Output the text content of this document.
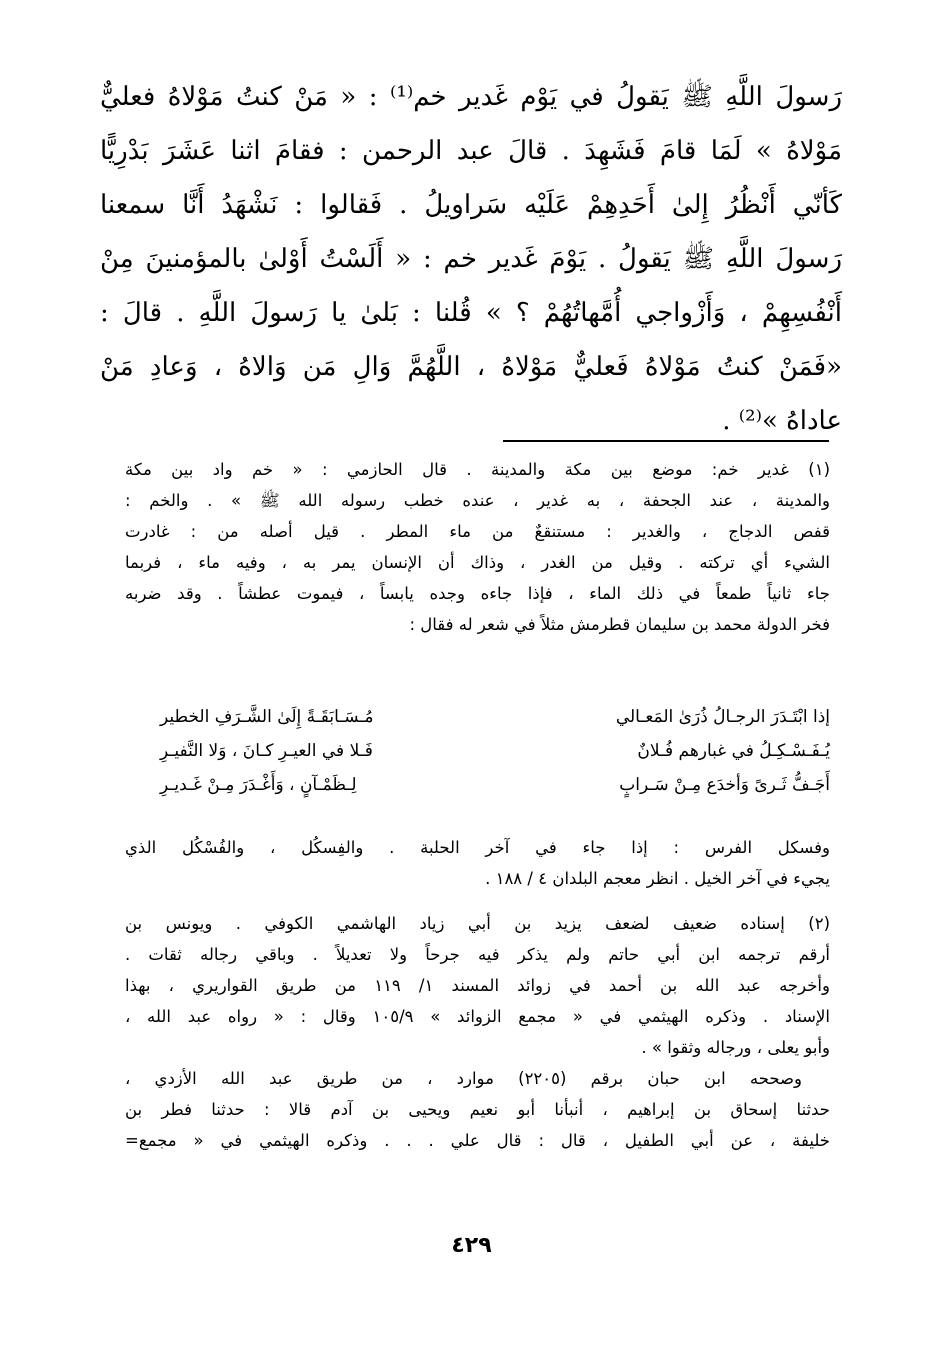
رَسولَ اللَّهِ ﷺ يَقولُ في يَوْم غَدير خم⁽¹⁾ : « مَنْ كنتُ مَوْلاهُ فعليٌّ
مَوْلاهُ » لَمَا قامَ فَشَهِدَ . قالَ عبد الرحمن : فقامَ اثنا عَشَرَ بَدْرِيًّا
كَأنّي أَنْظُرُ إِلىٰ أَحَدِهِمْ عَلَيْه سَراويلُ . فَقالوا : نَشْهَدُ أَنَّا سمعنا
رَسولَ اللَّهِ ﷺ يَقولُ . يَوْمَ غَدير خم : « أَلَسْتُ أَوْلىٰ بالمؤمنينَ مِنْ
أَنْفُسِهِمْ ، وَأَزْواجي أُمَّهاتُهُمْ ؟ » قُلنا : بَلىٰ يا رَسولَ اللَّهِ . قالَ :
«فَمَنْ كنتُ مَوْلاهُ فَعليٌّ مَوْلاهُ ، اللَّهُمَّ وَالِ مَن وَالاهُ ، وَعادِ مَنْ
عاداهُ »⁽²⁾ .
(١) غدير خم: موضع بين مكة والمدينة . قال الحازمي : « خم واد بين مكة
والمدينة ، عند الجحفة ، به غدير ، عنده خطب رسوله الله ﷺ » . والخم :
قفص الدجاج ، والغدير : مستنقعٌ من ماء المطر . قيل أصله من : غادرت
الشيء أي تركته . وقيل من الغدر ، وذاك أن الإنسان يمر به ، وفيه ماء ، فربما
جاء ثانياً طمعاً في ذلك الماء ، فإذا جاءه وجده يابساً ، فيموت عطشاً . وقد ضربه
فخر الدولة محمد بن سليمان قطرمش مثلاً في شعر له فقال :
إذا ابْتَـدَرَ الرجـالُ ذُرَىٰ المَعـالي
مُـسَـابَقَـةً إِلَىٰ الشَّـرَفِ الخطير
يُـفَـسْـكِـلُ في غبارهم فُـلانٌ
فَـلا في العيـرِ كـانَ ، وَلا النَّفيـرِ
أَجَـفُّ ثَـرىً وَأخدَع مِـنْ سَـرابٍ
لِـظَمْـآنٍ ، وَأَغْـدَرَ مِـنْ غَـديـرِ
وفسكل الفرس : إذا جاء في آخر الحلبة . والفِسكُل ، والفُسْكُل الذي
يجيء في آخر الخيل . انظر معجم البلدان ٤ / ١٨٨ .
(٢) إسناده ضعيف لضعف يزيد بن أبي زياد الهاشمي الكوفي . ويونس بن
أرقم ترجمه ابن أبي حاتم ولم يذكر فيه جرحاً ولا تعديلاً . وباقي رجاله ثقات .
وأخرجه عبد الله بن أحمد في زوائد المسند ١/ ١١٩ من طريق القواريري ، بهذا
الإسناد . وذكره الهيثمي في « مجمع الزوائد » ١٠٥/٩ وقال : « رواه عبد الله ،
وأبو يعلى ، ورجاله وثقوا » .
وصححه ابن حبان برقم (٢٢٠٥) موارد ، من طريق عبد الله الأزدي ،
حدثنا إسحاق بن إبراهيم ، أنبأنا أبو نعيم ويحيى بن آدم قالا : حدثنا فطر بن
خليفة ، عن أبي الطفيل ، قال : قال علي . . . وذكره الهيثمي في « مجمع=
٤٢٩
